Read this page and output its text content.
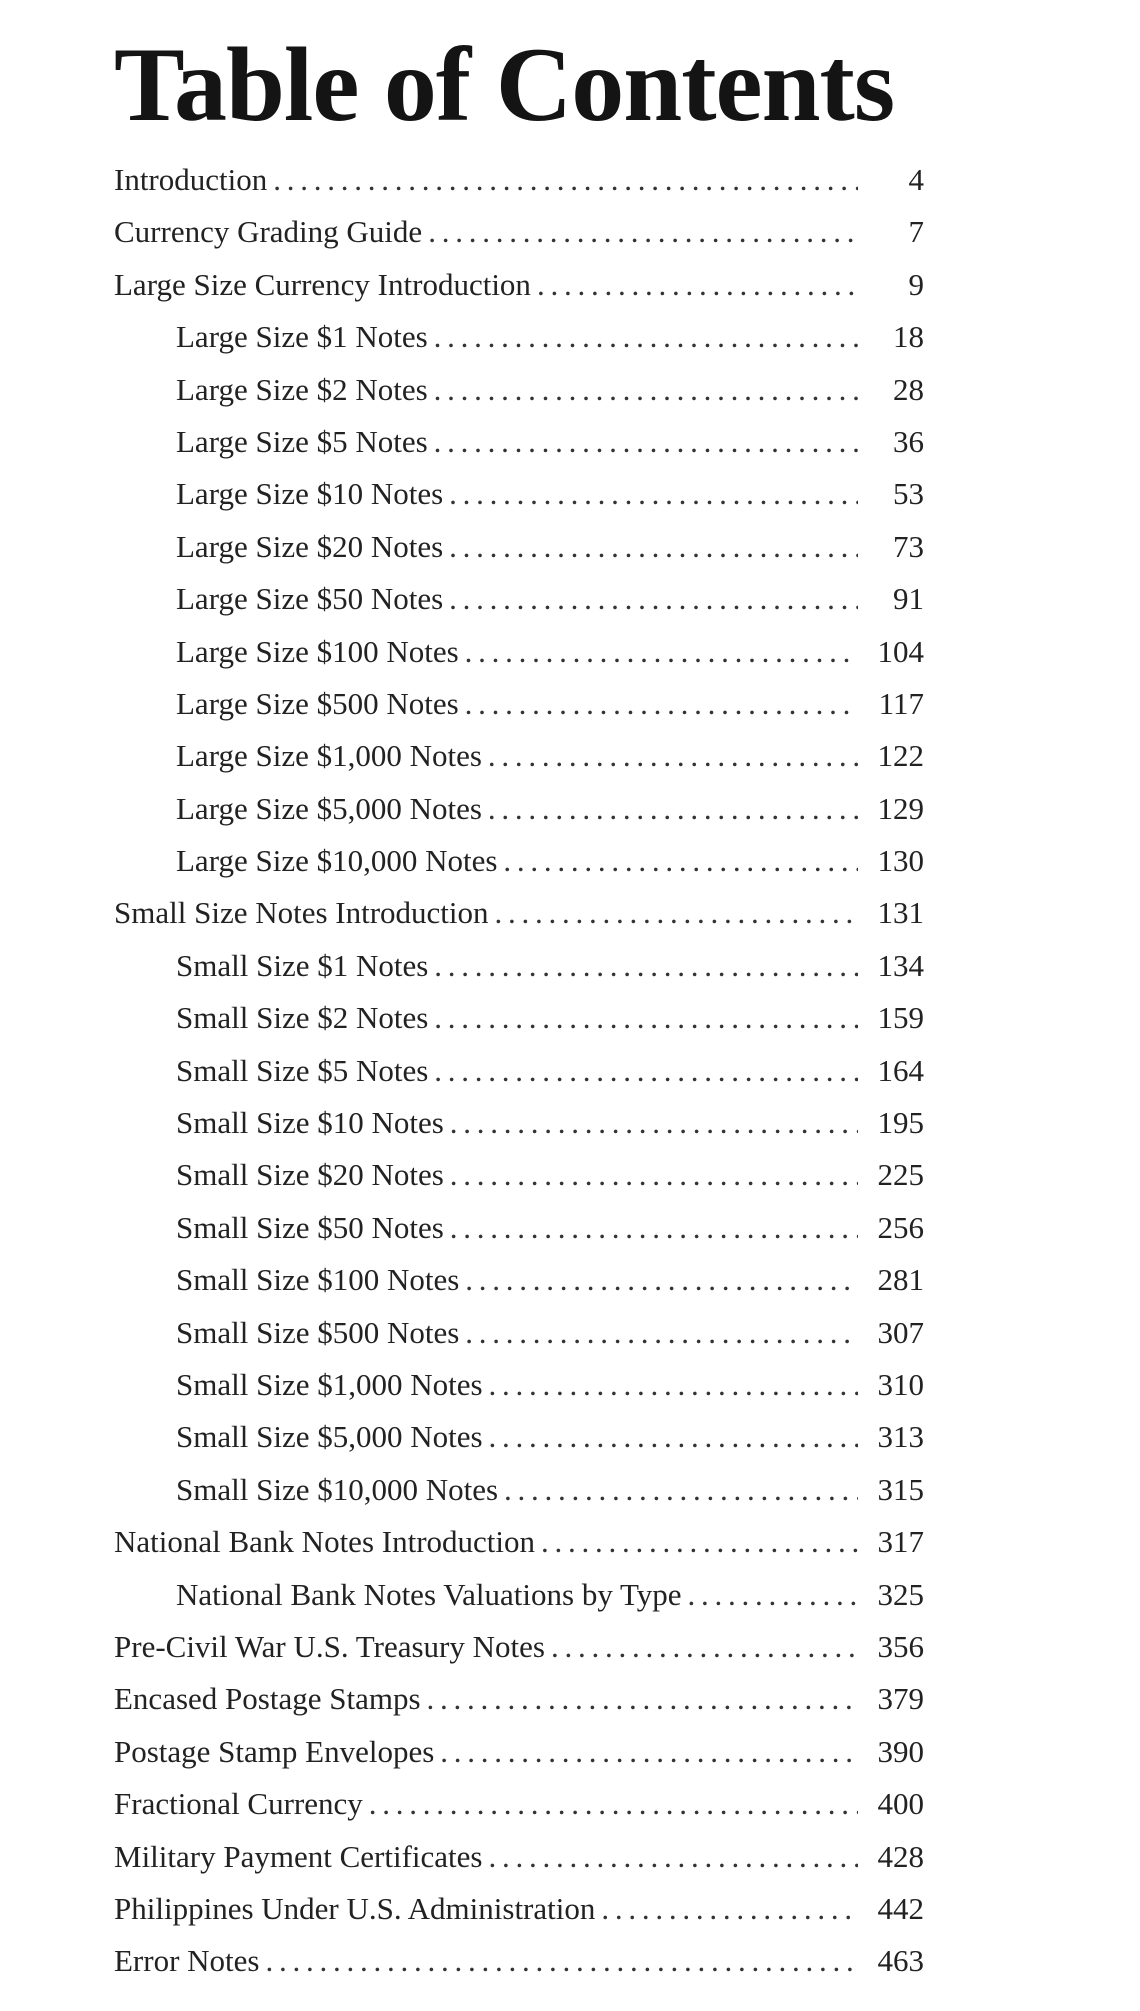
Table of Contents
Introduction . . .	4
Currency Grading Guide . . .	7
Large Size Currency Introduction . . .	9
Large Size $1 Notes . . .	18
Large Size $2 Notes . . .	28
Large Size $5 Notes . . .	36
Large Size $10 Notes . . .	53
Large Size $20 Notes . . .	73
Large Size $50 Notes . . .	91
Large Size $100 Notes . . .	104
Large Size $500 Notes . . .	117
Large Size $1,000 Notes . . .	122
Large Size $5,000 Notes . . .	129
Large Size $10,000 Notes . . .	130
Small Size Notes Introduction . . .	131
Small Size $1 Notes . . .	134
Small Size $2 Notes . . .	159
Small Size $5 Notes . . .	164
Small Size $10 Notes . . .	195
Small Size $20 Notes . . .	225
Small Size $50 Notes . . .	256
Small Size $100 Notes . . .	281
Small Size $500 Notes . . .	307
Small Size $1,000 Notes . . .	310
Small Size $5,000 Notes . . .	313
Small Size $10,000 Notes . . .	315
National Bank Notes Introduction . . .	317
National Bank Notes Valuations by Type . . .	325
Pre-Civil War U.S. Treasury Notes . . .	356
Encased Postage Stamps . . .	379
Postage Stamp Envelopes . . .	390
Fractional Currency . . .	400
Military Payment Certificates . . .	428
Philippines Under U.S. Administration . . .	442
Error Notes . . .	463
